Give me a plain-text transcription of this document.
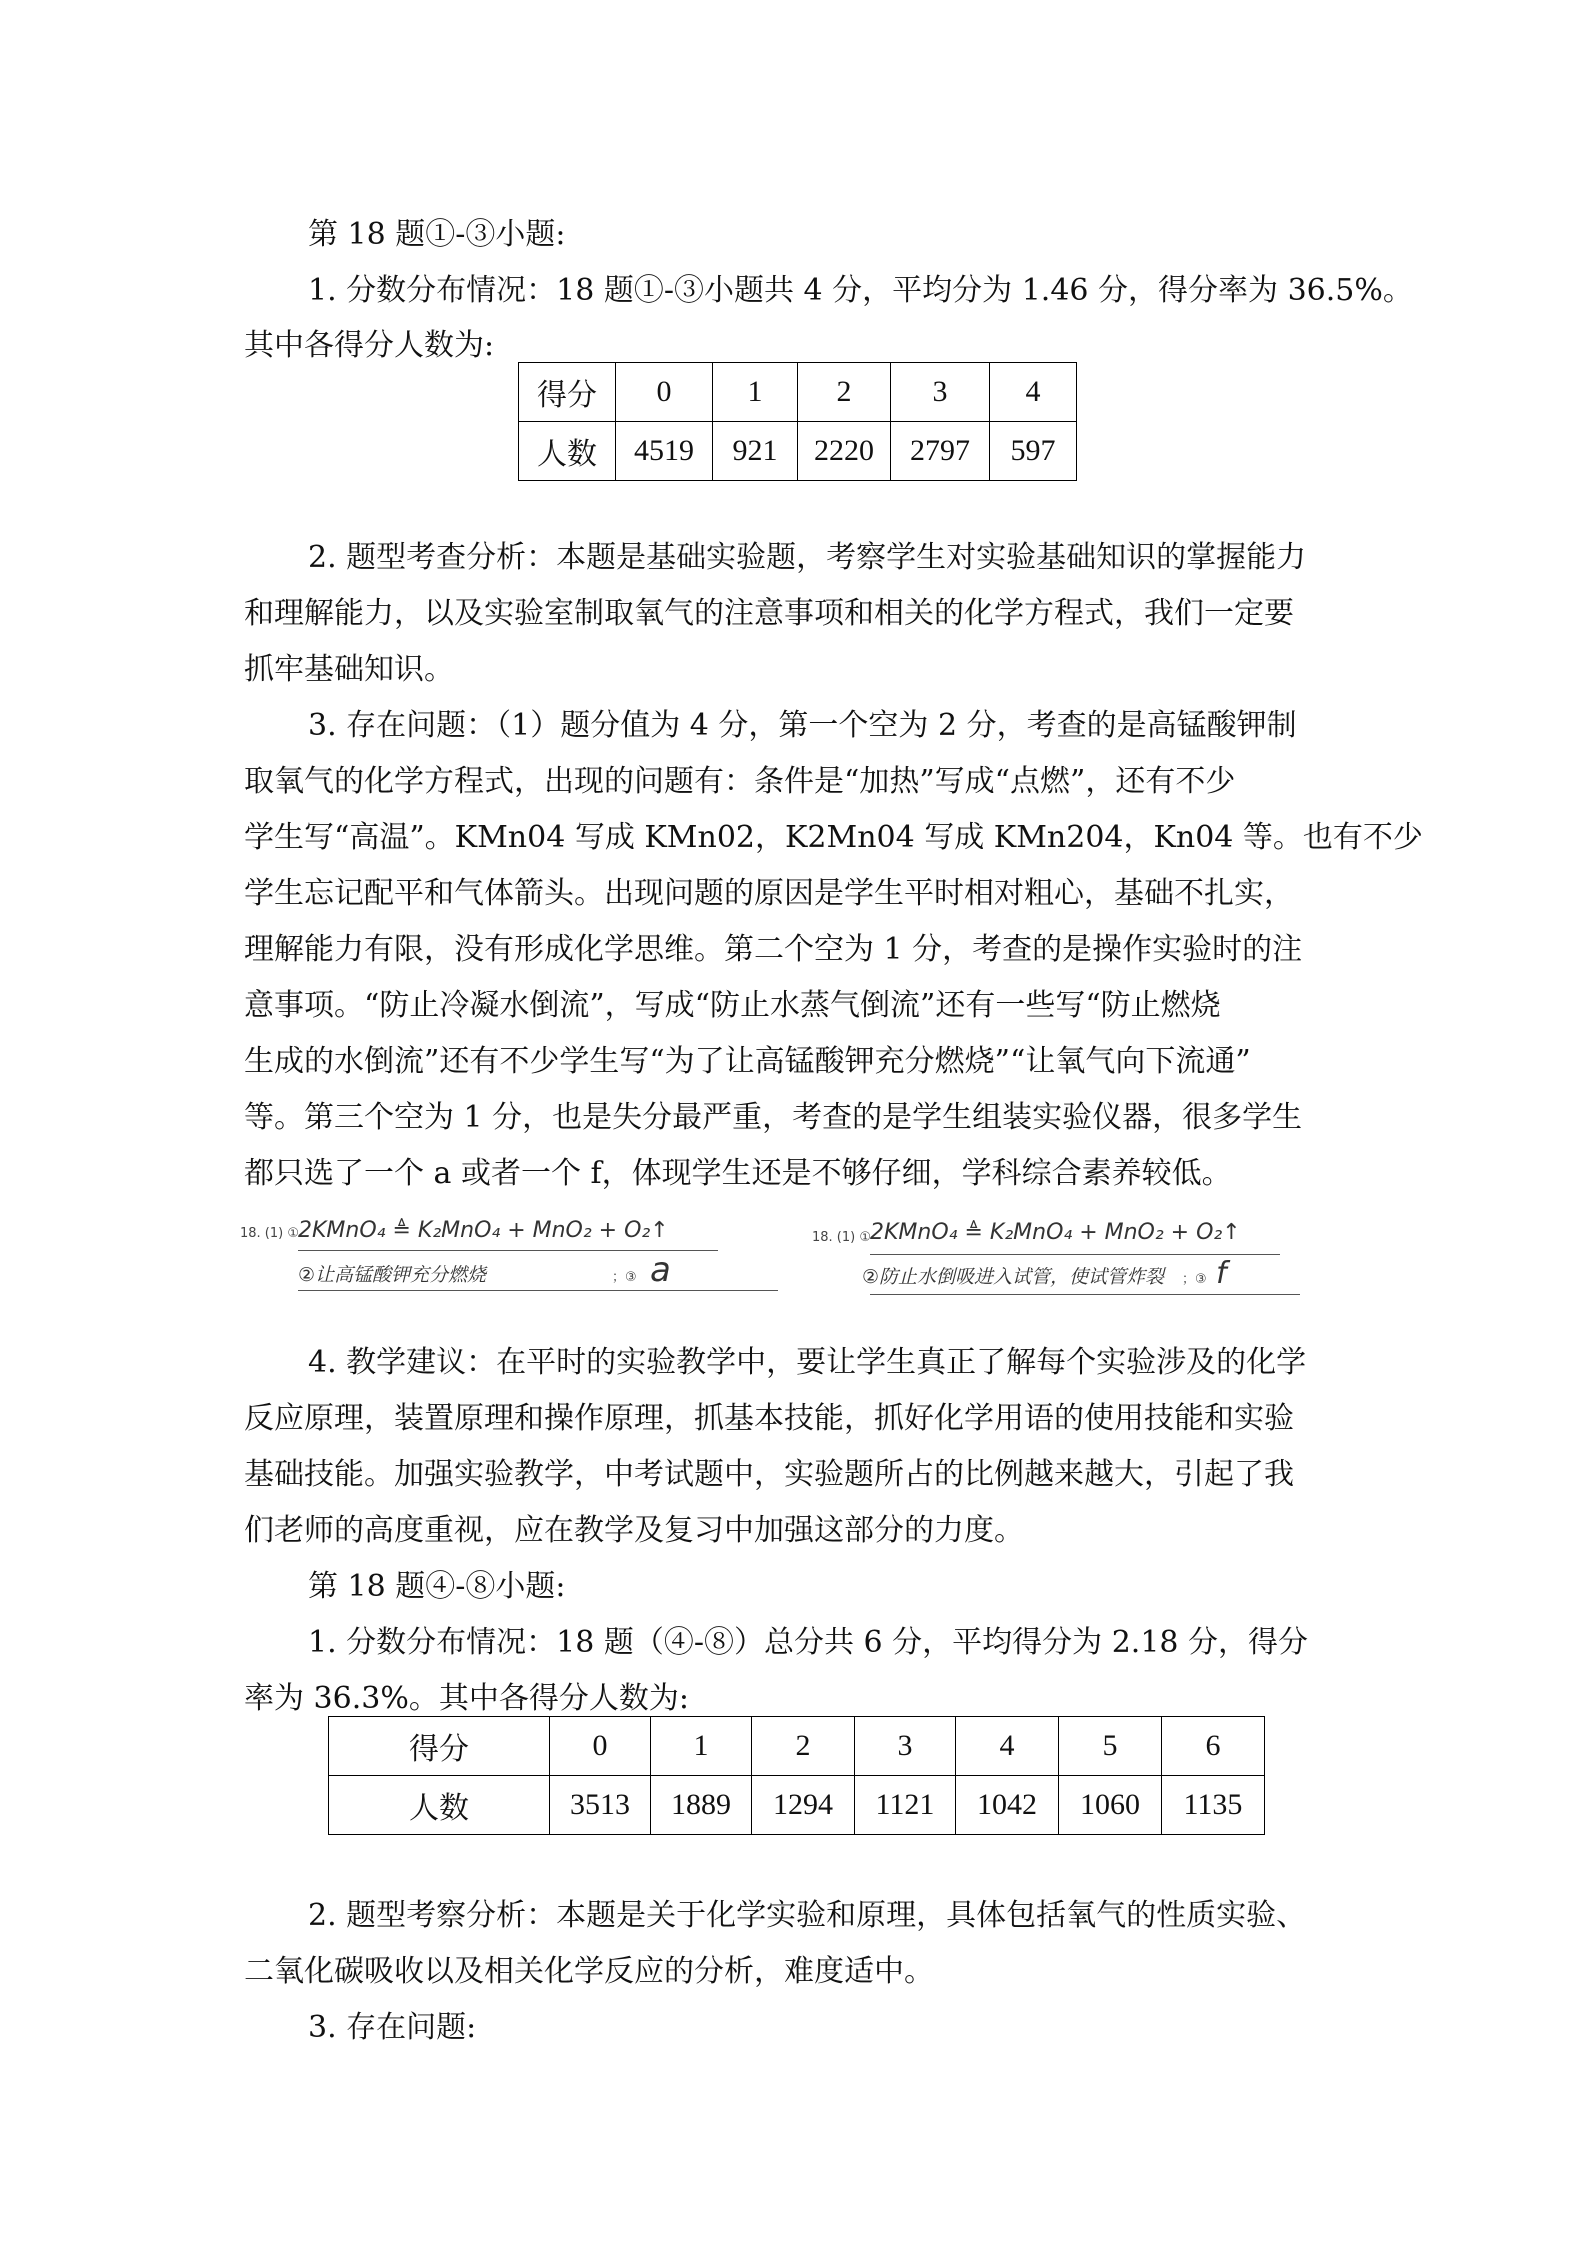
第 18 题①-③小题:
1. 分数分布情况：18 题①-③小题共 4 分，平均分为 1.46 分，得分率为 36.5%。
其中各得分人数为:
得分	0	1	2	3	4
人数	4519	921	2220	2797	597
2. 题型考查分析：本题是基础实验题，考察学生对实验基础知识的掌握能力
和理解能力，以及实验室制取氧气的注意事项和相关的化学方程式，我们一定要
抓牢基础知识。
3. 存在问题：（1）题分值为 4 分，第一个空为 2 分，考查的是高锰酸钾制
取氧气的化学方程式，出现的问题有：条件是“加热”写成“点燃”，还有不少
学生写“高温”。KMn04 写成 KMn02，K2Mn04 写成 KMn204，Kn04 等。也有不少
学生忘记配平和气体箭头。出现问题的原因是学生平时相对粗心，基础不扎实，
理解能力有限，没有形成化学思维。第二个空为 1 分，考查的是操作实验时的注
意事项。“防止冷凝水倒流”，写成“防止水蒸气倒流”还有一些写“防止燃烧
生成的水倒流”还有不少学生写“为了让高锰酸钾充分燃烧”“让氧气向下流通”
等。第三个空为 1 分，也是失分最严重，考查的是学生组装实验仪器，很多学生
都只选了一个 a 或者一个 f，体现学生还是不够仔细，学科综合素养较低。
18. (1) ①
2KMnO₄ ≜ K₂MnO₄ + MnO₂ + O₂↑
②让高锰酸钾充分燃烧	；③ a
18. (1) ①
2KMnO₄ ≜ K₂MnO₄ + MnO₂ + O₂↑
②防止水倒吸进入试管，使试管炸裂 ；③ f
4. 教学建议：在平时的实验教学中，要让学生真正了解每个实验涉及的化学
反应原理，装置原理和操作原理，抓基本技能，抓好化学用语的使用技能和实验
基础技能。加强实验教学，中考试题中，实验题所占的比例越来越大，引起了我
们老师的高度重视，应在教学及复习中加强这部分的力度。
第 18 题④-⑧小题:
1. 分数分布情况：18 题（④-⑧）总分共 6 分，平均得分为 2.18 分，得分
率为 36.3%。其中各得分人数为:
得分	0	1	2	3	4	5	6
人数	3513	1889	1294	1121	1042	1060	1135
2. 题型考察分析：本题是关于化学实验和原理，具体包括氧气的性质实验、
二氧化碳吸收以及相关化学反应的分析，难度适中。
3. 存在问题:
